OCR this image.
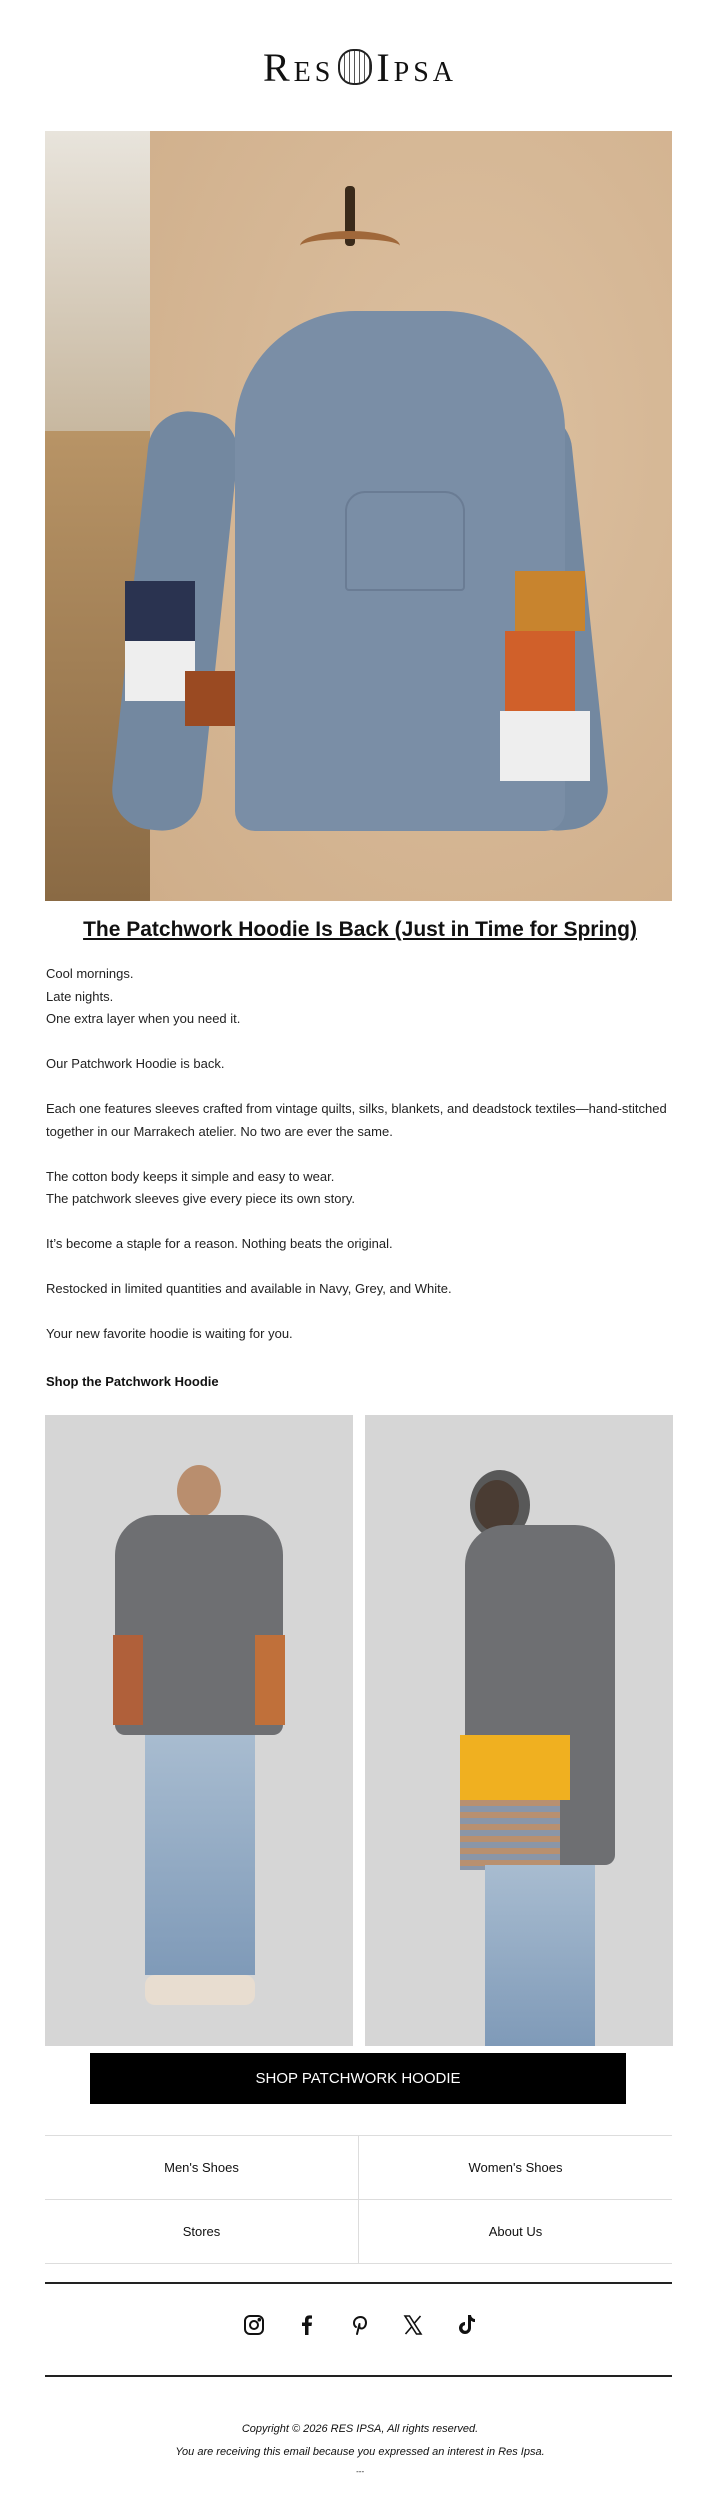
Res Ipsa
The Patchwork Hoodie Is Back (Just in Time for Spring)

Cool mornings.
Late nights.
One extra layer when you need it.

Our Patchwork Hoodie is back.

Each one features sleeves crafted from vintage quilts, silks, blankets, and deadstock textiles—hand-stitched together in our Marrakech atelier. No two are ever the same.

The cotton body keeps it simple and easy to wear.
The patchwork sleeves give every piece its own story.

It’s become a staple for a reason. Nothing beats the original.

Restocked in limited quantities and available in Navy, Grey, and White.

Your new favorite hoodie is waiting for you.

Shop the Patchwork Hoodie
SHOP PATCHWORK HOODIE
Men's Shoes	Women's Shoes
Stores	About Us
Copyright © 2026 RES IPSA, All rights reserved.
You are receiving this email because you expressed an interest in Res Ipsa.
---
